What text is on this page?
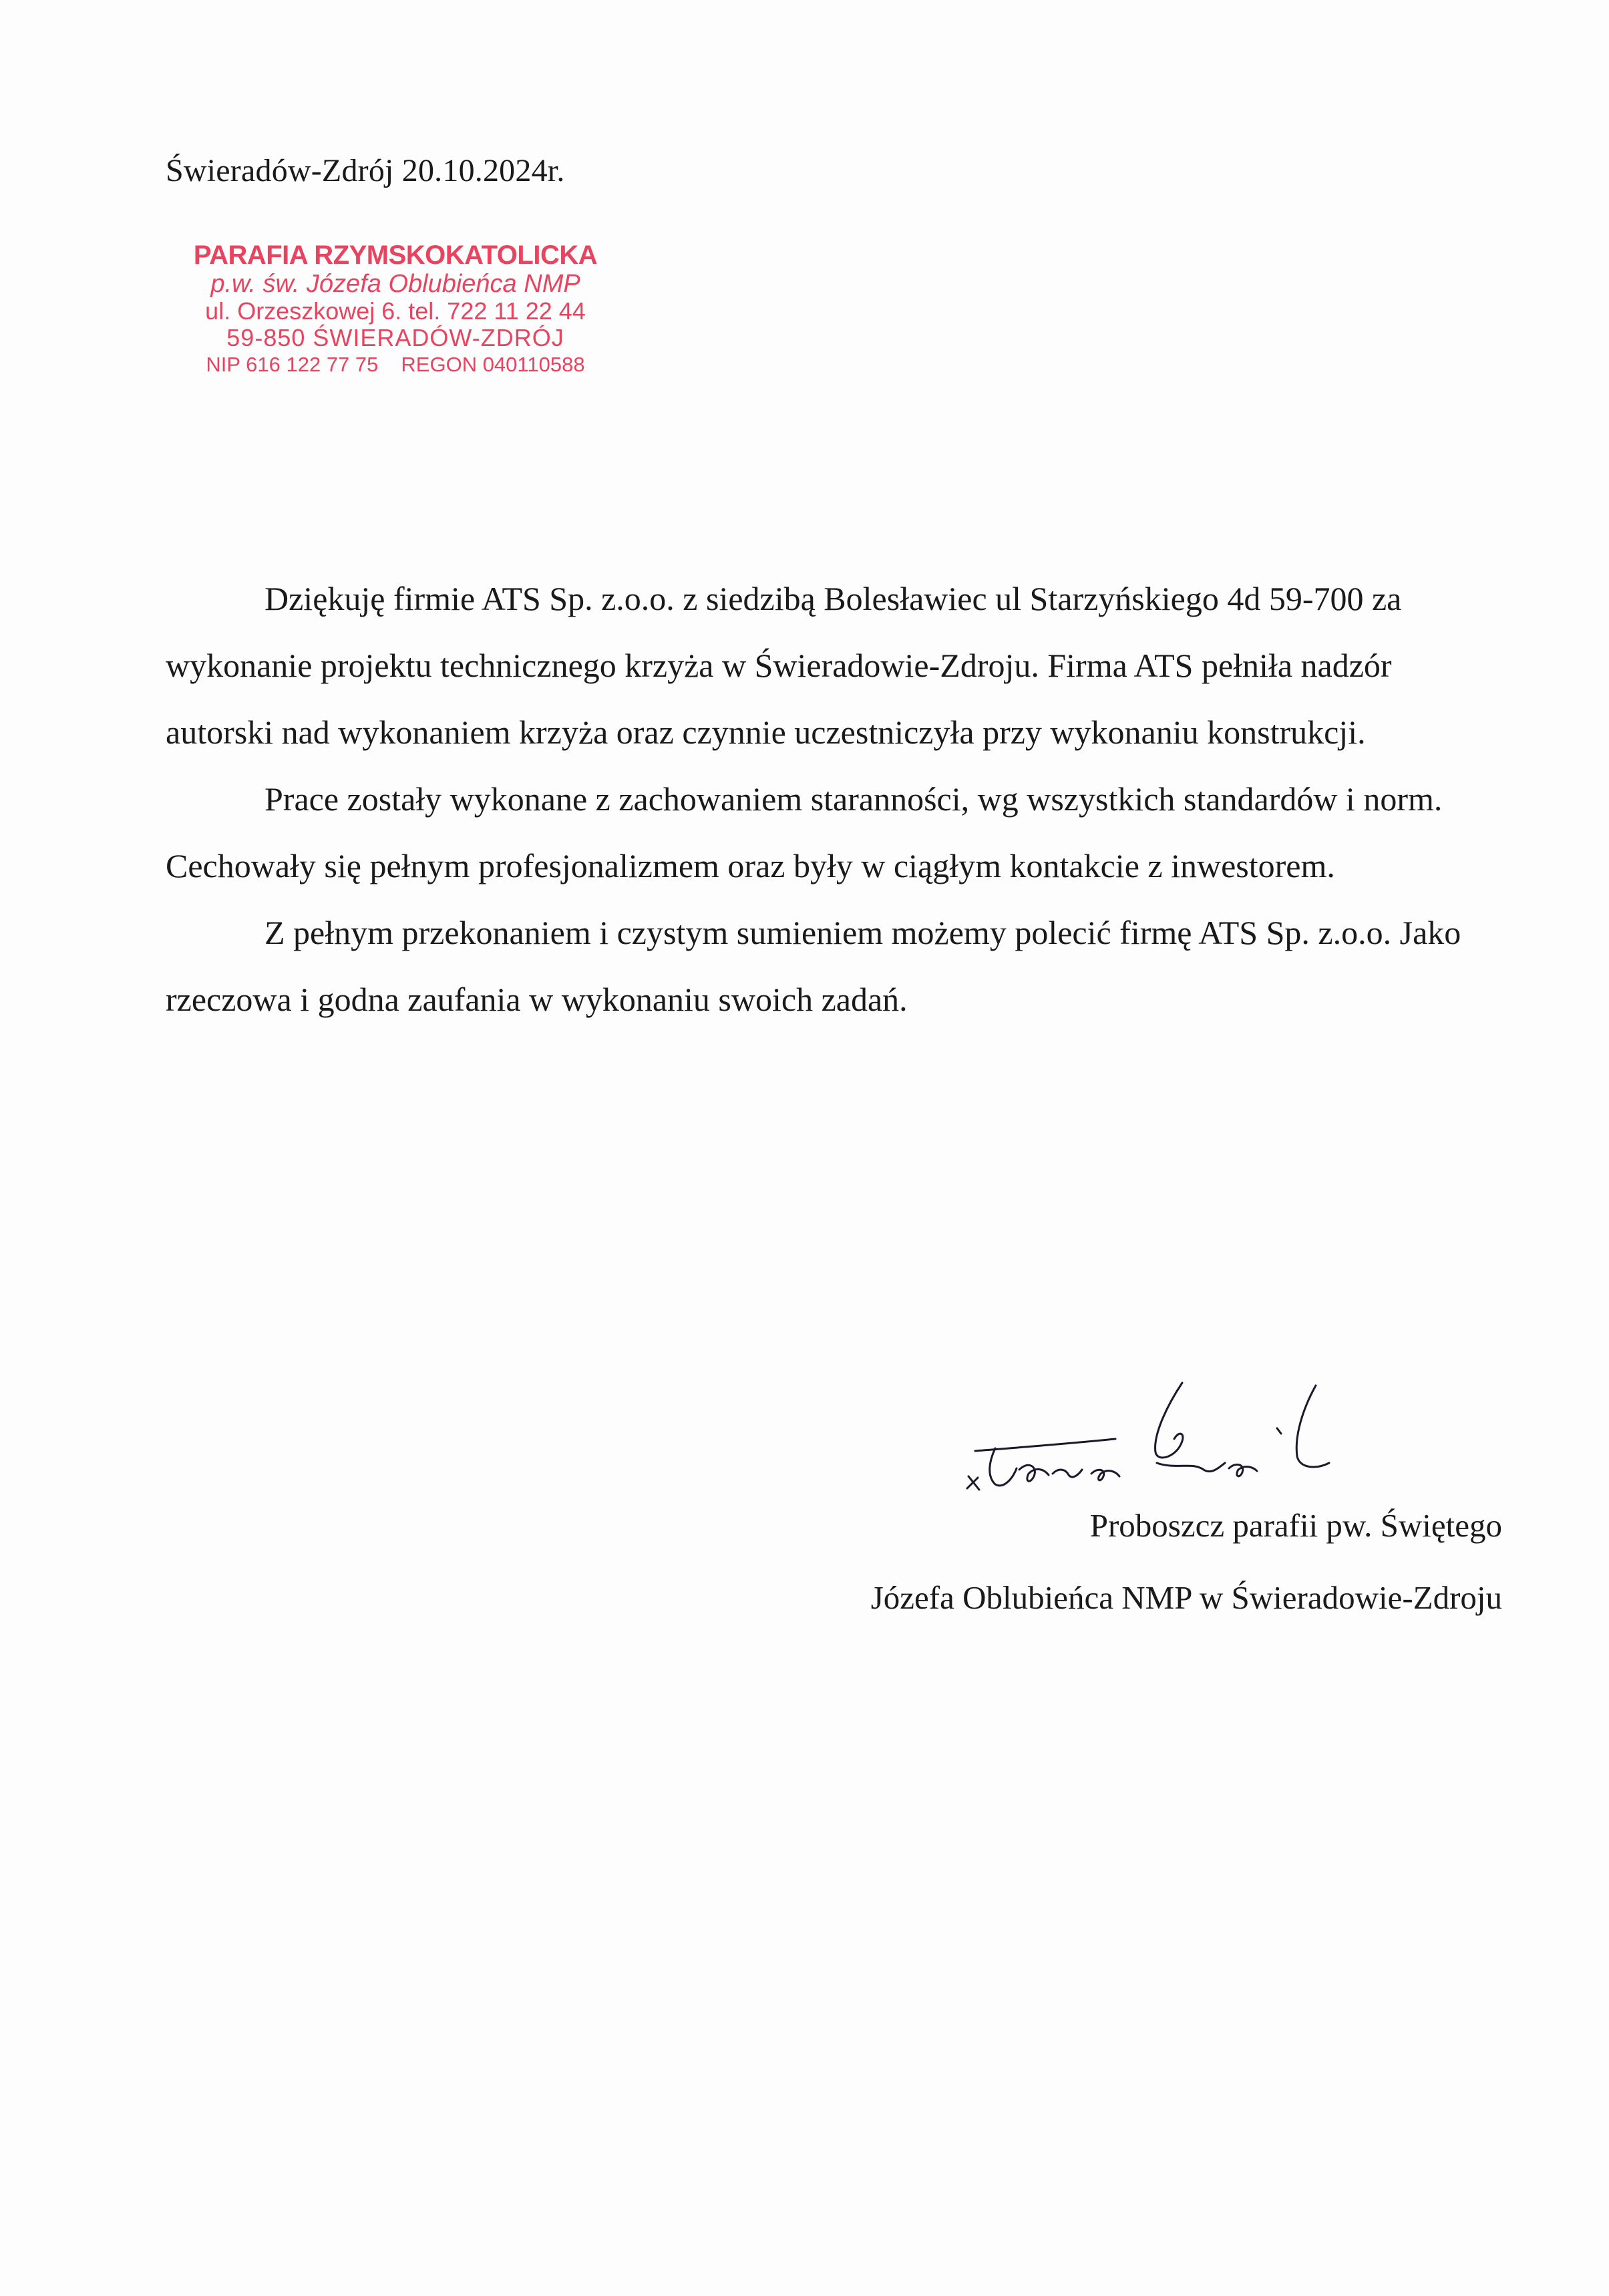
Świeradów-Zdrój 20.10.2024r.
PARAFIA RZYMSKOKATOLICKA
p.w. św. Józefa Oblubieńca NMP
ul. Orzeszkowej 6. tel. 722 11 22 44
59-850 ŚWIERADÓW-ZDRÓJ
NIP 616 122 77 75 REGON 040110588

Dziękuję firmie ATS Sp. z.o.o. z siedzibą Bolesławiec ul Starzyńskiego 4d 59-700 za wykonanie projektu technicznego krzyża w Świeradowie-Zdroju. Firma ATS pełniła nadzór autorski nad wykonaniem krzyża oraz czynnie uczestniczyła przy wykonaniu konstrukcji.

Prace zostały wykonane z zachowaniem staranności, wg wszystkich standardów i norm. Cechowały się pełnym profesjonalizmem oraz były w ciągłym kontakcie z inwestorem.

Z pełnym przekonaniem i czystym sumieniem możemy polecić firmę ATS Sp. z.o.o. Jako rzeczowa i godna zaufania w wykonaniu swoich zadań.

Proboszcz parafii pw. Świętego
Józefa Oblubieńca NMP w Świeradowie-Zdroju
